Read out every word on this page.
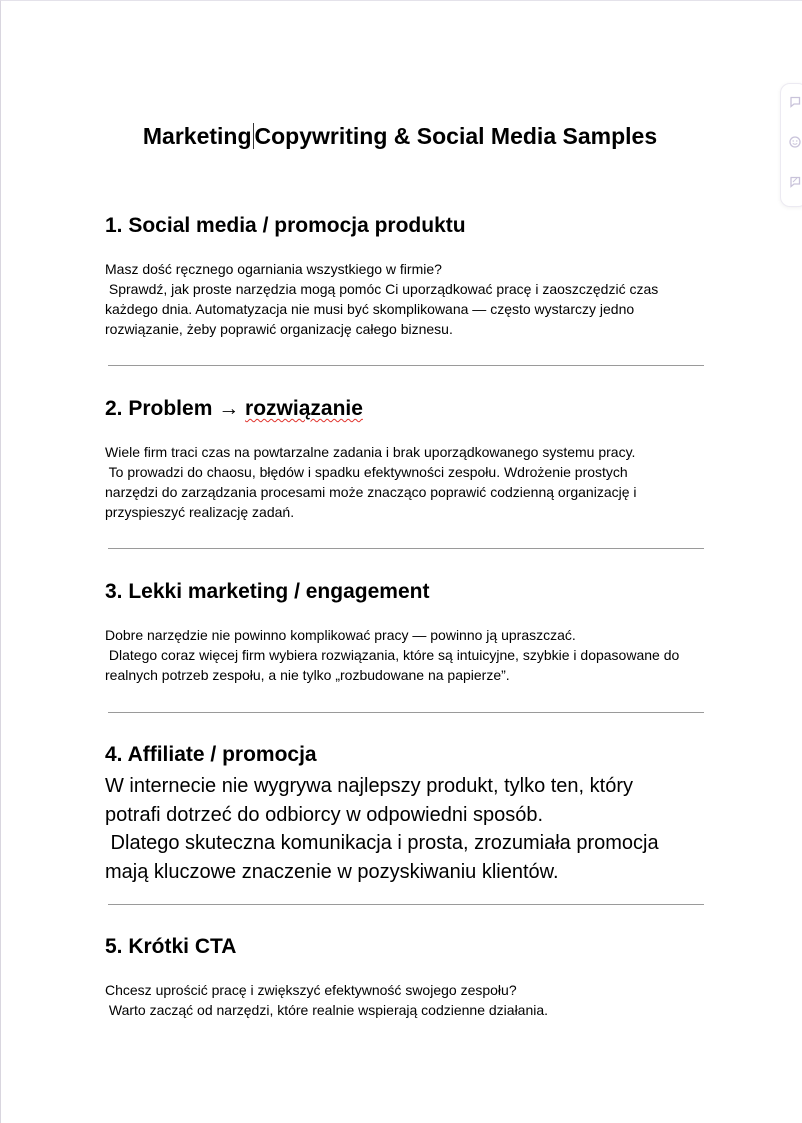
Marketing Copywriting & Social Media Samples
1. Social media / promocja produktu

Masz dość ręcznego ogarniania wszystkiego w firmie?
Sprawdź, jak proste narzędzia mogą pomóc Ci uporządkować pracę i zaoszczędzić czas
każdego dnia. Automatyzacja nie musi być skomplikowana — często wystarczy jedno
rozwiązanie, żeby poprawić organizację całego biznesu.

2. Problem → rozwiązanie

Wiele firm traci czas na powtarzalne zadania i brak uporządkowanego systemu pracy.
To prowadzi do chaosu, błędów i spadku efektywności zespołu. Wdrożenie prostych
narzędzi do zarządzania procesami może znacząco poprawić codzienną organizację i
przyspieszyć realizację zadań.

3. Lekki marketing / engagement

Dobre narzędzie nie powinno komplikować pracy — powinno ją upraszczać.
Dlatego coraz więcej firm wybiera rozwiązania, które są intuicyjne, szybkie i dopasowane do
realnych potrzeb zespołu, a nie tylko „rozbudowane na papierze”.

4. Affiliate / promocja

W internecie nie wygrywa najlepszy produkt, tylko ten, który
potrafi dotrzeć do odbiorcy w odpowiedni sposób.
Dlatego skuteczna komunikacja i prosta, zrozumiała promocja
mają kluczowe znaczenie w pozyskiwaniu klientów.

5. Krótki CTA

Chcesz uprościć pracę i zwiększyć efektywność swojego zespołu?
Warto zacząć od narzędzi, które realnie wspierają codzienne działania.
